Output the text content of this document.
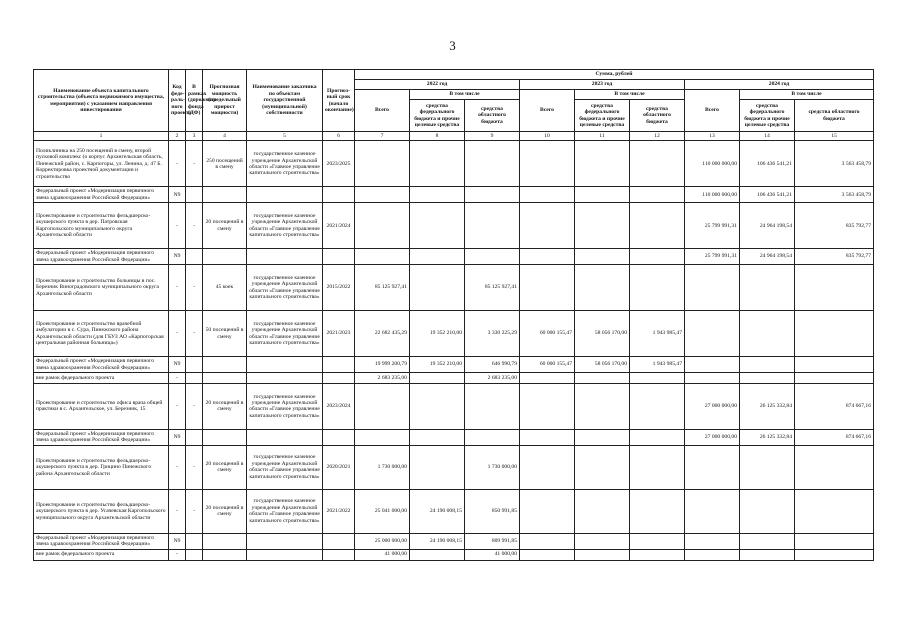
3
Наименование объекта капитального строительства (объекта недвижимого имущества, мероприятия) с указанием направления инвестирования	Код феде-раль-ного проекта	В рамках (дорожного фонда (ДФ)	Прогнозная мощность (предельный прирост мощности)	Наименование заказчика по объектам государственной (муниципальной) собственности	Прогноз-ный срок (начало окончание)	Сумма, рублей								
						2022 год			2023 год			2024 год		
						Всего	В том числе		Всего	В том числе		Всего	В том числе	
							средства федерального бюджета и прочие целевые средства	средства областного бюджета		средства федерального бюджета и прочие целевые средства	средства областного бюджета		средства федерального бюджета и прочие целевые средства	средства областного бюджета
1	2	3	4	5	6	7	8	9	10	11	12	13	14	15
Поликлиника на 250 посещений в смену, второй пусковой комплекс (о корпус Архангельская область, Пинежский район, с. Карпогоры, ул. Ленина, д. 47 Б. Корректировка проектной документации и строительство	-	-	250 посещений в смену	государственное казенное учреждение Архангельской области «Главное управление капитального строительства»	2023/2025							110 000 000,00	106 436 541,21	3 563 458,79
Федеральный проект «Модернизация первичного звена здравоохранения Российской Федерации»	N9											110 000 000,00	106 436 541,21	3 563 458,79
Проектирование и строительство фельдшерско-акушерского пункта в дер. Патровская Каргопольского муниципального округа Архангельской области	-	-	20 посещений в смену	государственное казенное учреждение Архангельской области «Главное управление капитального строительства»	2021/2024							25 799 991,31	24 964 198,54	835 792,77
Федеральный проект «Модернизация первичного звена здравоохранения Российской Федерации»	N9											25 799 991,31	24 964 198,54	835 792,77
Проектирование и строительство больницы в пос. Березник Виноградовского муниципального округа Архангельской области	-	-	45 коек	государственное казенное учреждение Архангельской области «Главное управление капитального строительства»	2015/2022	85 125 927,41		85 125 927,41						
Проектирование и строительство врачебной амбулатории в с. Сура, Пинежского района Архангельской области (для ГБУЗ АО «Карпогорская центральная районная больница»)	-	-	50 посещений в смену	государственное казенное учреждение Архангельской области «Главное управление капитального строительства»	2021/2023	22 682 435,29	19 352 210,00	3 330 225,29	60 000 155,47	58 056 170,00	1 943 985,47			
Федеральный проект «Модернизация первичного звена здравоохранения Российской Федерации»	N9					19 999 200,79	19 352 210,00	646 990,79	60 000 155,47	58 056 170,00	1 943 985,47			
вне рамок федерального проекта	-					2 683 235,00		2 683 235,00						
Проектирование и строительство офиса врача общей практики в с. Архангельское, ул. Березник, 15	-	-	20 посещений в смену	государственное казенное учреждение Архангельской области «Главное управление капитального строительства»	2023/2024							27 000 000,00	26 125 332,84	874 667,16
Федеральный проект «Модернизация первичного звена здравоохранения Российской Федерации»	N9											27 000 000,00	26 125 332,84	874 667,16
Проектирование и строительство фельдшерско-акушерского пункта в дер. Грицино Пинежского района Архангельской области	-	-	20 посещений в смену	государственное казенное учреждение Архангельской области «Главное управление капитального строительства»	2020/2021	1 730 000,00		1 730 000,00						
Проектирование и строительство фельдшерско-акушерского пункта в дер. Усачевская Каргопольского муниципального округа Архангельской области	-	-	20 посещений в смену	государственное казенное учреждение Архангельской области «Главное управление капитального строительства»	2021/2022	25 041 000,00	24 190 008,15	850 991,85						
Федеральный проект «Модернизация первичного звена здравоохранения Российской Федерации»	N9					25 000 000,00	24 190 008,15	809 991,85						
вне рамок федерального проекта	-					41 000,00		41 000,00						
